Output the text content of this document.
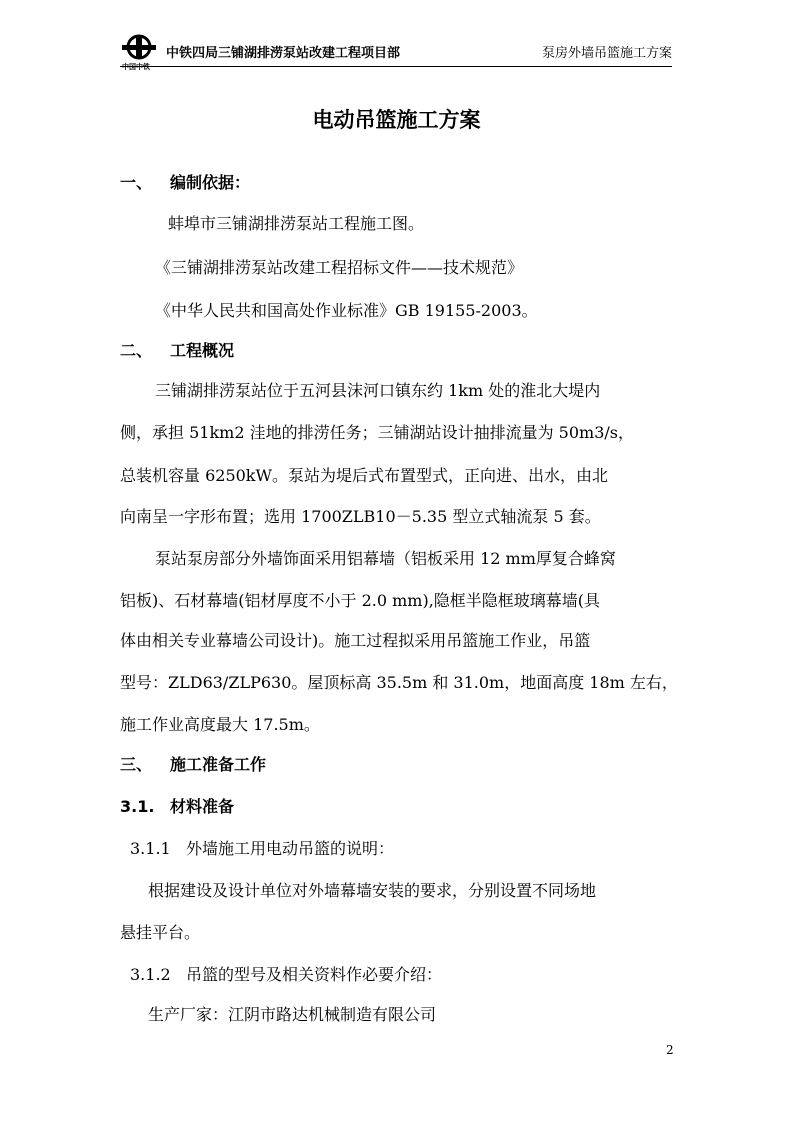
中国中铁
中铁四局三铺湖排涝泵站改建工程项目部	泵房外墙吊篮施工方案
电动吊篮施工方案
一、 编制依据：
蚌埠市三铺湖排涝泵站工程施工图。
《三铺湖排涝泵站改建工程招标文件——技术规范》
《中华人民共和国高处作业标准》GB 19155-2003。
二、 工程概况
三铺湖排涝泵站位于五河县沫河口镇东约 1km 处的淮北大堤内
侧，承担 51km2 洼地的排涝任务；三铺湖站设计抽排流量为 50m3/s，
总装机容量 6250kW。泵站为堤后式布置型式，正向进、出水，由北
向南呈一字形布置；选用 1700ZLB10－5.35 型立式轴流泵 5 套。
泵站泵房部分外墙饰面采用铝幕墙（铝板采用 12 mm厚复合蜂窝
铝板)、石材幕墙(铝材厚度不小于 2.0 mm),隐框半隐框玻璃幕墙(具
体由相关专业幕墙公司设计)。施工过程拟采用吊篮施工作业，吊篮
型号：ZLD63/ZLP630。屋顶标高 35.5m 和 31.0m，地面高度 18m 左右，
施工作业高度最大 17.5m。
三、 施工准备工作
3.1. 材料准备
3.1.1 外墙施工用电动吊篮的说明：
根据建设及设计单位对外墙幕墙安装的要求，分别设置不同场地
悬挂平台。
3.1.2 吊篮的型号及相关资料作必要介绍：
生产厂家：江阴市路达机械制造有限公司
2
